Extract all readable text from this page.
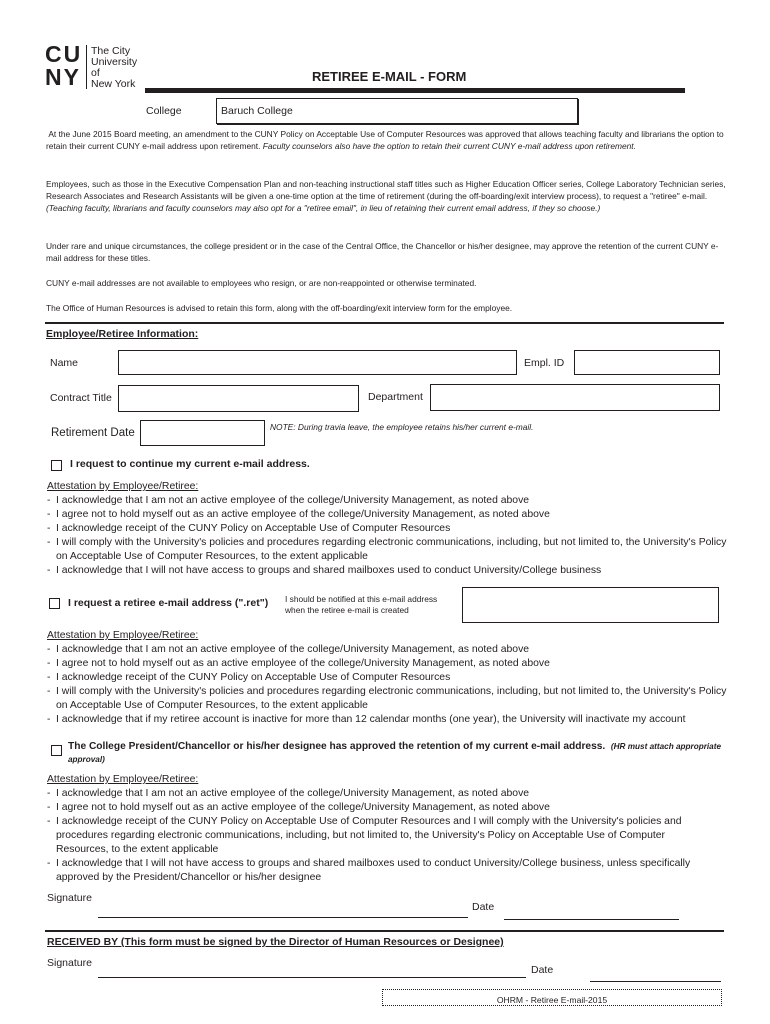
CU
NY
The City
University
of
New York	RETIREE E-MAIL - FORM
College	Baruch College
At the June 2015 Board meeting, an amendment to the CUNY Policy on Acceptable Use of Computer Resources was approved that allows teaching faculty and librarians the option to retain their current CUNY e-mail address upon retirement. Faculty counselors also have the option to retain their current CUNY e-mail address upon retirement.
Employees, such as those in the Executive Compensation Plan and non-teaching instructional staff titles such as Higher Education Officer series, College Laboratory Technician series, Research Associates and Research Assistants will be given a one-time option at the time of retirement (during the off-boarding/exit interview process), to request a "retiree" e-mail. (Teaching faculty, librarians and faculty counselors may also opt for a "retiree email", in lieu of retaining their current email address, if they so choose.)
Under rare and unique circumstances, the college president or in the case of the Central Office, the Chancellor or his/her designee, may approve the retention of the current CUNY e-mail address for these titles.
CUNY e-mail addresses are not available to employees who resign, or are non-reappointed or otherwise terminated.
The Office of Human Resources is advised to retain this form, along with the off-boarding/exit interview form for the employee.
Employee/Retiree Information:
Name	Empl. ID
Contract Title	Department
Retirement Date	NOTE: During travia leave, the employee retains his/her current e-mail.
I request to continue my current e-mail address.
Attestation by Employee/Retiree:
- I acknowledge that I am not an active employee of the college/University Management, as noted above
- I agree not to hold myself out as an active employee of the college/University Management, as noted above
- I acknowledge receipt of the CUNY Policy on Acceptable Use of Computer Resources
- I will comply with the University's policies and procedures regarding electronic communications, including, but not limited to, the University's Policy on Acceptable Use of Computer Resources, to the extent applicable
- I acknowledge that I will not have access to groups and shared mailboxes used to conduct University/College business
I request a retiree e-mail address (".ret") I should be notified at this e-mail address
when the retiree e-mail is created
Attestation by Employee/Retiree:
- I acknowledge that I am not an active employee of the college/University Management, as noted above
- I agree not to hold myself out as an active employee of the college/University Management, as noted above
- I acknowledge receipt of the CUNY Policy on Acceptable Use of Computer Resources
- I will comply with the University's policies and procedures regarding electronic communications, including, but not limited to, the University's Policy on Acceptable Use of Computer Resources, to the extent applicable
- I acknowledge that if my retiree account is inactive for more than 12 calendar months (one year), the University will inactivate my account
The College President/Chancellor or his/her designee has approved the retention of my current e-mail address. (HR must attach appropriate approval)
Attestation by Employee/Retiree:
- I acknowledge that I am not an active employee of the college/University Management, as noted above
- I agree not to hold myself out as an active employee of the college/University Management, as noted above
- I acknowledge receipt of the CUNY Policy on Acceptable Use of Computer Resources and I will comply with the University's policies and procedures regarding electronic communications, including, but not limited to, the University's Policy on Acceptable Use of Computer Resources, to the extent applicable
- I acknowledge that I will not have access to groups and shared mailboxes used to conduct University/College business, unless specifically approved by the President/Chancellor or his/her designee
Signature
Date
RECEIVED BY (This form must be signed by the Director of Human Resources or Designee)
Signature
Date
OHRM - Retiree E-mail-2015
